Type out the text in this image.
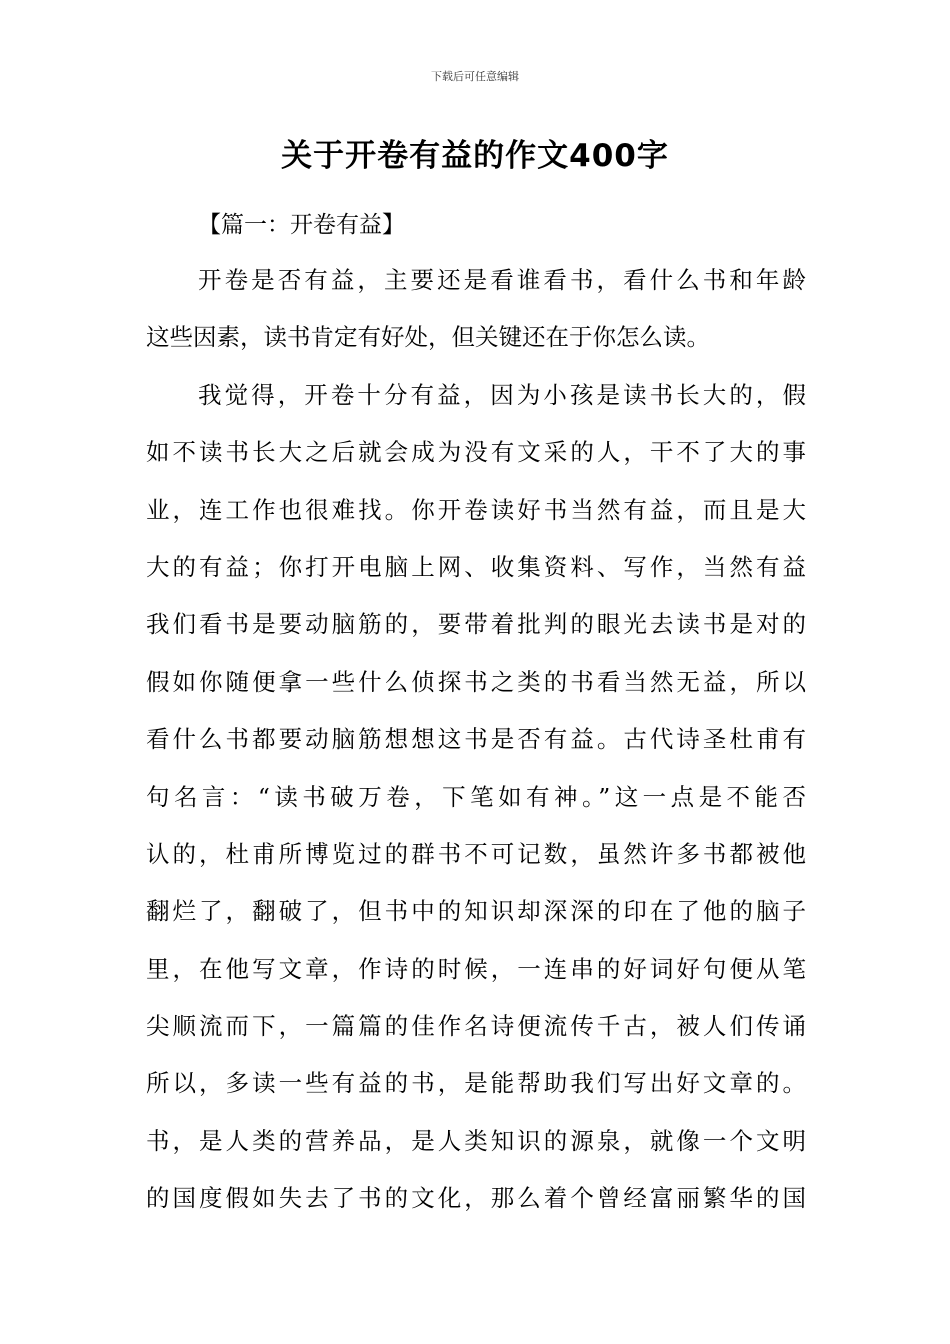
下载后可任意编辑
关于开卷有益的作文400字

【篇一：开卷有益】

开卷是否有益，主要还是看谁看书，看什么书和年龄
这些因素，读书肯定有好处，但关键还在于你怎么读。
我觉得，开卷十分有益，因为小孩是读书长大的，假
如不读书长大之后就会成为没有文采的人，干不了大的事
业，连工作也很难找。你开卷读好书当然有益，而且是大
大的有益；你打开电脑上网、收集资料、写作，当然有益
我们看书是要动脑筋的，要带着批判的眼光去读书是对的
假如你随便拿一些什么侦探书之类的书看当然无益，所以
看什么书都要动脑筋想想这书是否有益。古代诗圣杜甫有
句名言：“读书破万卷，下笔如有神。”这一点是不能否
认的，杜甫所博览过的群书不可记数，虽然许多书都被他
翻烂了，翻破了，但书中的知识却深深的印在了他的脑子
里，在他写文章，作诗的时候，一连串的好词好句便从笔
尖顺流而下，一篇篇的佳作名诗便流传千古，被人们传诵
所以，多读一些有益的书，是能帮助我们写出好文章的。
书，是人类的营养品，是人类知识的源泉，就像一个文明
的国度假如失去了书的文化，那么着个曾经富丽繁华的国
